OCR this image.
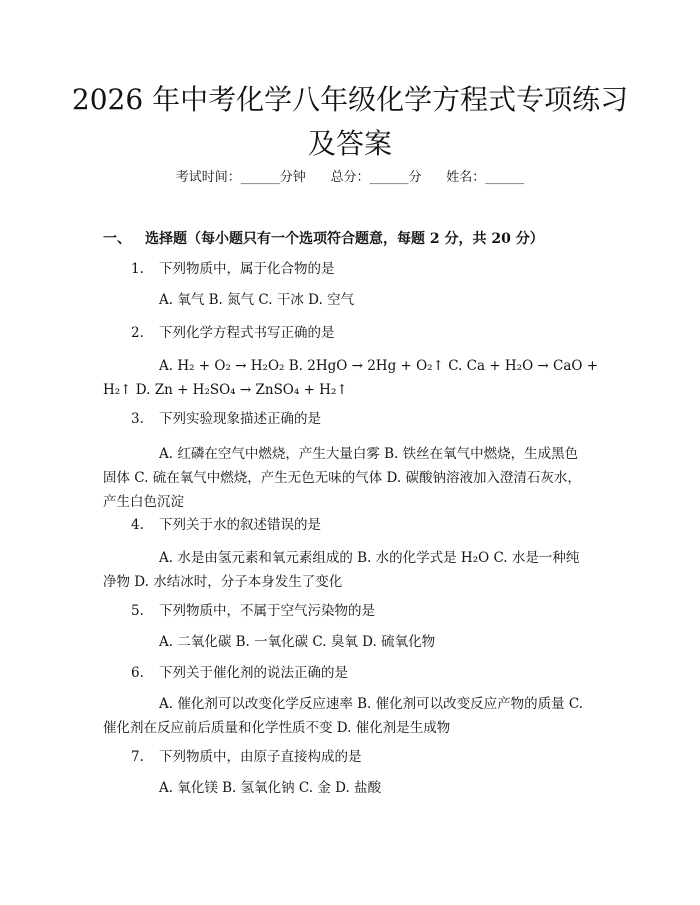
2026 年中考化学八年级化学方程式专项练习
及答案
考试时间：______分钟      总分：______分      姓名：______
一、 选择题（每小题只有一个选项符合题意，每题 2 分，共 20 分）
1. 下列物质中，属于化合物的是
A. 氧气 B. 氮气 C. 干冰 D. 空气
2. 下列化学方程式书写正确的是
A. H₂ + O₂ → H₂O₂ B. 2HgO → 2Hg + O₂↑ C. Ca + H₂O → CaO +
H₂↑ D. Zn + H₂SO₄ → ZnSO₄ + H₂↑
3. 下列实验现象描述正确的是
A. 红磷在空气中燃烧，产生大量白雾 B. 铁丝在氧气中燃烧，生成黑色
固体 C. 硫在氧气中燃烧，产生无色无味的气体 D. 碳酸钠溶液加入澄清石灰水，
产生白色沉淀
4. 下列关于水的叙述错误的是
A. 水是由氢元素和氧元素组成的 B. 水的化学式是 H₂O C. 水是一种纯
净物 D. 水结冰时，分子本身发生了变化
5. 下列物质中，不属于空气污染物的是
A. 二氧化碳 B. 一氧化碳 C. 臭氧 D. 硫氧化物
6. 下列关于催化剂的说法正确的是
A. 催化剂可以改变化学反应速率 B. 催化剂可以改变反应产物的质量 C.
催化剂在反应前后质量和化学性质不变 D. 催化剂是生成物
7. 下列物质中，由原子直接构成的是
A. 氧化镁 B. 氢氧化钠 C. 金 D. 盐酸
